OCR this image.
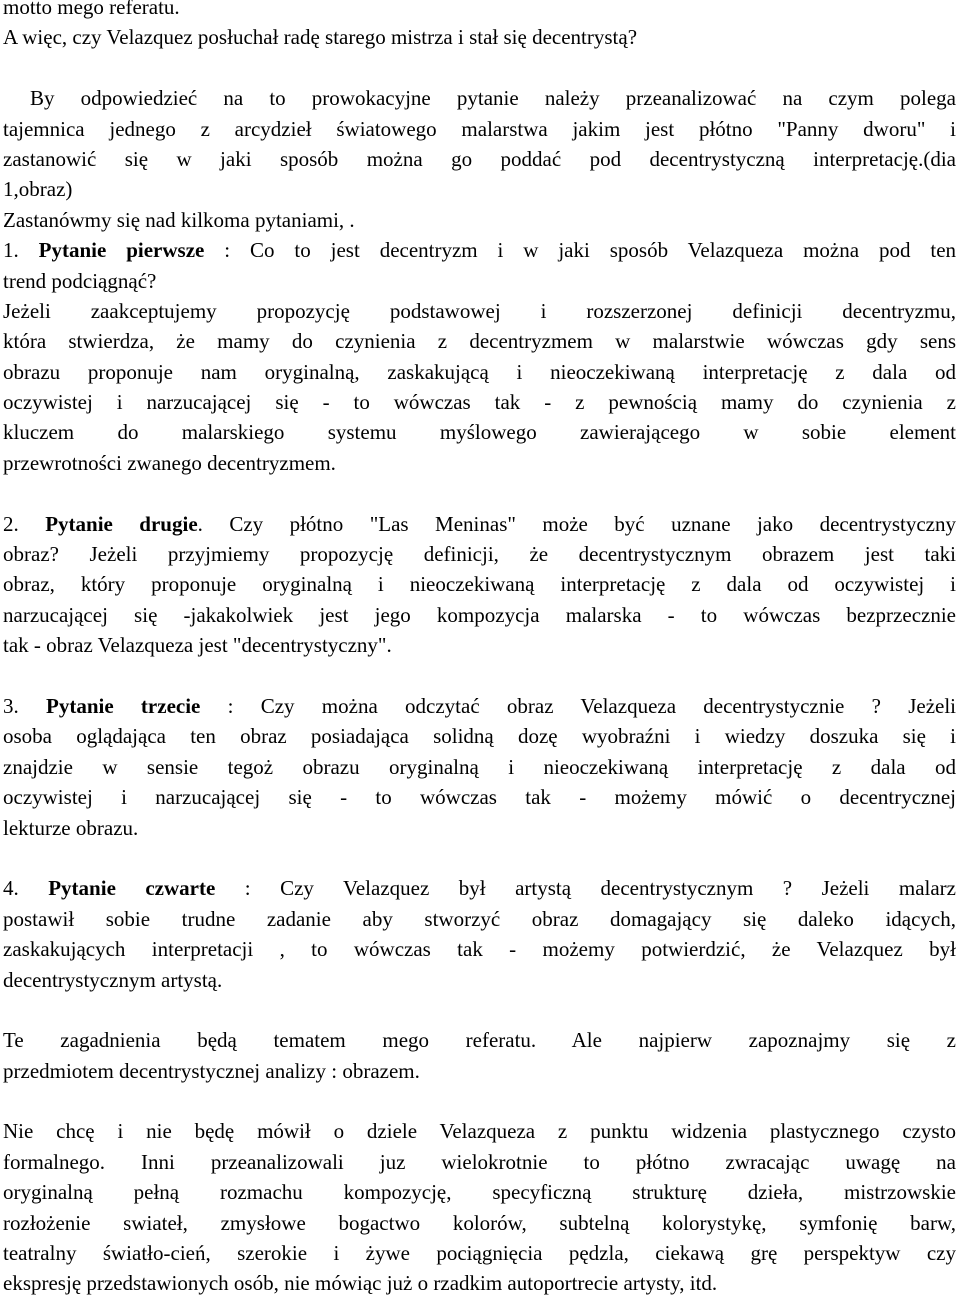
motto mego referatu.
A więc, czy Velazquez posłuchał radę starego mistrza i stał się decentrystą?
By odpowiedzieć na to prowokacyjne pytanie należy przeanalizować na czym polega
tajemnica jednego z arcydzieł światowego malarstwa jakim jest płótno "Panny dworu" i
zastanowić się w jaki sposób można go poddać pod decentrystyczną interpretację.(dia
1,obraz)
Zastanówmy się nad kilkoma pytaniami, .
1. Pytanie pierwsze : Co to jest decentryzm i w jaki sposób Velazqueza można pod ten
trend podciągnąć?
Jeżeli zaakceptujemy propozycję podstawowej i rozszerzonej definicji decentryzmu,
która stwierdza, że mamy do czynienia z decentryzmem w malarstwie wówczas gdy sens
obrazu proponuje nam oryginalną, zaskakującą i nieoczekiwaną interpretację z dala od
oczywistej i narzucającej się - to wówczas tak - z pewnością mamy do czynienia z
kluczem do malarskiego systemu myślowego zawierającego w sobie element
przewrotności zwanego decentryzmem.
2. Pytanie drugie. Czy płótno "Las Meninas" może być uznane jako decentrystyczny
obraz? Jeżeli przyjmiemy propozycję definicji, że decentrystycznym obrazem jest taki
obraz, który proponuje oryginalną i nieoczekiwaną interpretację z dala od oczywistej i
narzucającej się -jakakolwiek jest jego kompozycja malarska - to wówczas bezprzecznie
tak - obraz Velazqueza jest "decentrystyczny".
3. Pytanie trzecie : Czy można odczytać obraz Velazqueza decentrystycznie ? Jeżeli
osoba oglądająca ten obraz posiadająca solidną dozę wyobraźni i wiedzy doszuka się i
znajdzie w sensie tegoż obrazu oryginalną i nieoczekiwaną interpretację z dala od
oczywistej i narzucającej się - to wówczas tak - możemy mówić o decentrycznej
lekturze obrazu.
4. Pytanie czwarte : Czy Velazquez był artystą decentrystycznym ? Jeżeli malarz
postawił sobie trudne zadanie aby stworzyć obraz domagający się daleko idących,
zaskakujących interpretacji , to wówczas tak - możemy potwierdzić, że Velazquez był
decentrystycznym artystą.
Te zagadnienia będą tematem mego referatu. Ale najpierw zapoznajmy się z
przedmiotem decentrystycznej analizy : obrazem.
Nie chcę i nie będę mówił o dziele Velazqueza z punktu widzenia plastycznego czysto
formalnego. Inni przeanalizowali juz wielokrotnie to płótno zwracając uwagę na
oryginalną pełną rozmachu kompozycję, specyficzną strukturę dzieła, mistrzowskie
rozłożenie swiateł, zmysłowe bogactwo kolorów, subtelną kolorystykę, symfonię barw,
teatralny światło-cień, szerokie i żywe pociągnięcia pędzla, ciekawą grę perspektyw czy
ekspresję przedstawionych osób, nie mówiąc już o rzadkim autoportrecie artysty, itd.
